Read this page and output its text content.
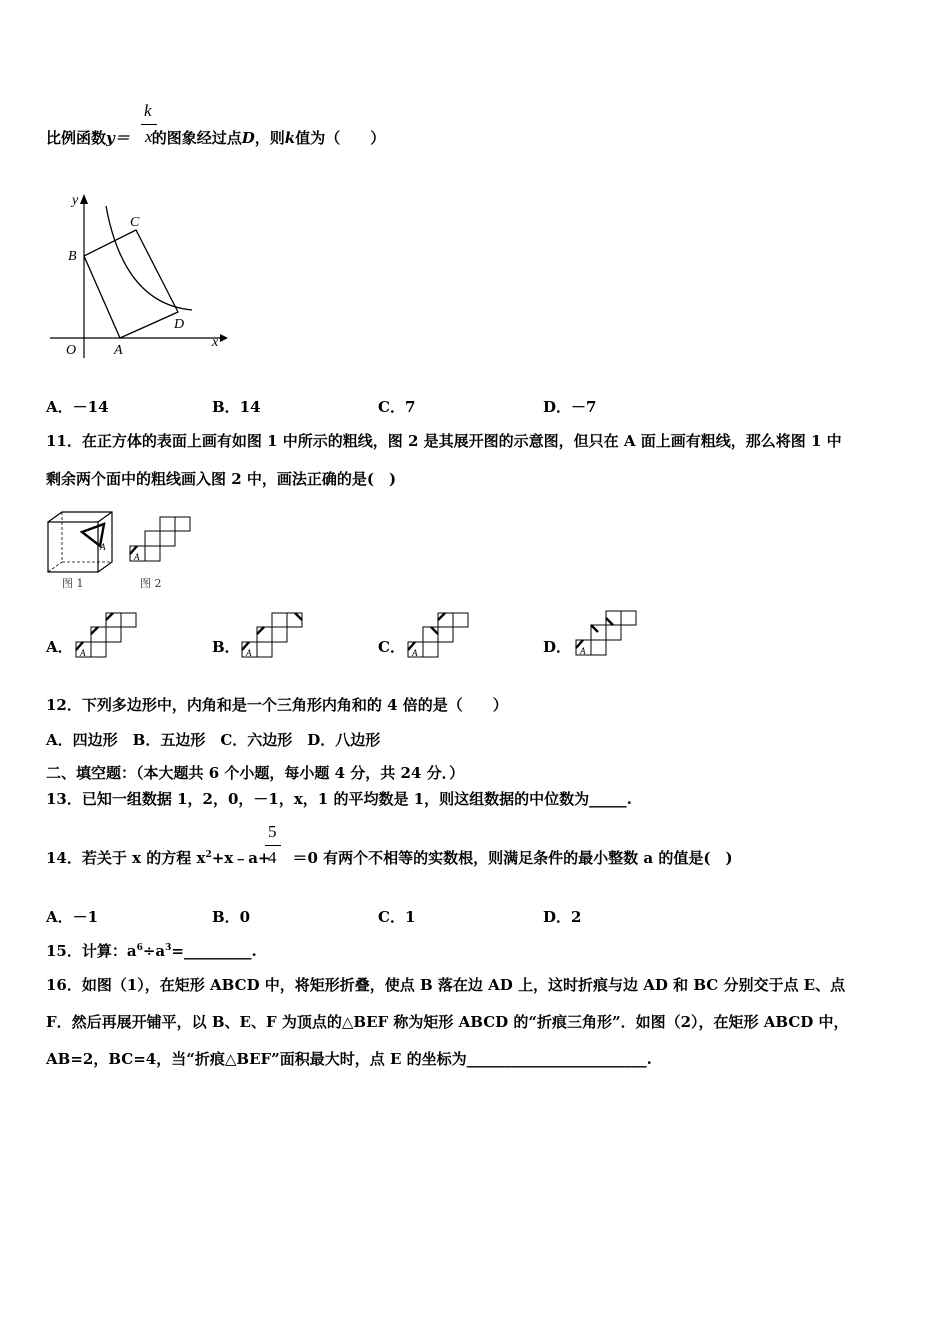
比例函数y＝ 的图象经过点D，则k值为（　　）
k
x
y
x
O	A
B
C
D
A．－14	B．14	C．7	D．－7
11．在正方体的表面上画有如图 1 中所示的粗线，图 2 是其展开图的示意图，但只在 A 面上画有粗线，那么将图 1 中
剩余两个面中的粗线画入图 2 中，画法正确的是(　)
A
图 1
A
图 2
A． A	B． A	C． A	D． A
12．下列多边形中，内角和是一个三角形内角和的 4 倍的是（　　）
A．四边形　B．五边形　C．六边形　D．八边形
二、填空题：（本大题共 6 个小题，每小题 4 分，共 24 分．）
13．已知一组数据 1，2，0，－1，x，1 的平均数是 1，则这组数据的中位数为_____.
14．若关于 x 的方程 $x^2+x﹣a+ =0$ 有两个不相等的实数根，则满足条件的最小整数 a 的值是(　)
5
4
A．－1	B．0	C．1	D．2
15．计算：$a^6\div a^3=\_\_\_\_\_\_\_\_\_$.
16．如图（1），在矩形 ABCD 中，将矩形折叠，使点 B 落在边 AD 上，这时折痕与边 AD 和 BC 分别交于点 E、点
F．然后再展开铺平，以 B、E、F 为顶点的△BEF 称为矩形 ABCD 的“折痕三角形”．如图（2），在矩形 ABCD 中，
AB=2，BC=4，当“折痕△BEF”面积最大时，点 E 的坐标为________________________.
